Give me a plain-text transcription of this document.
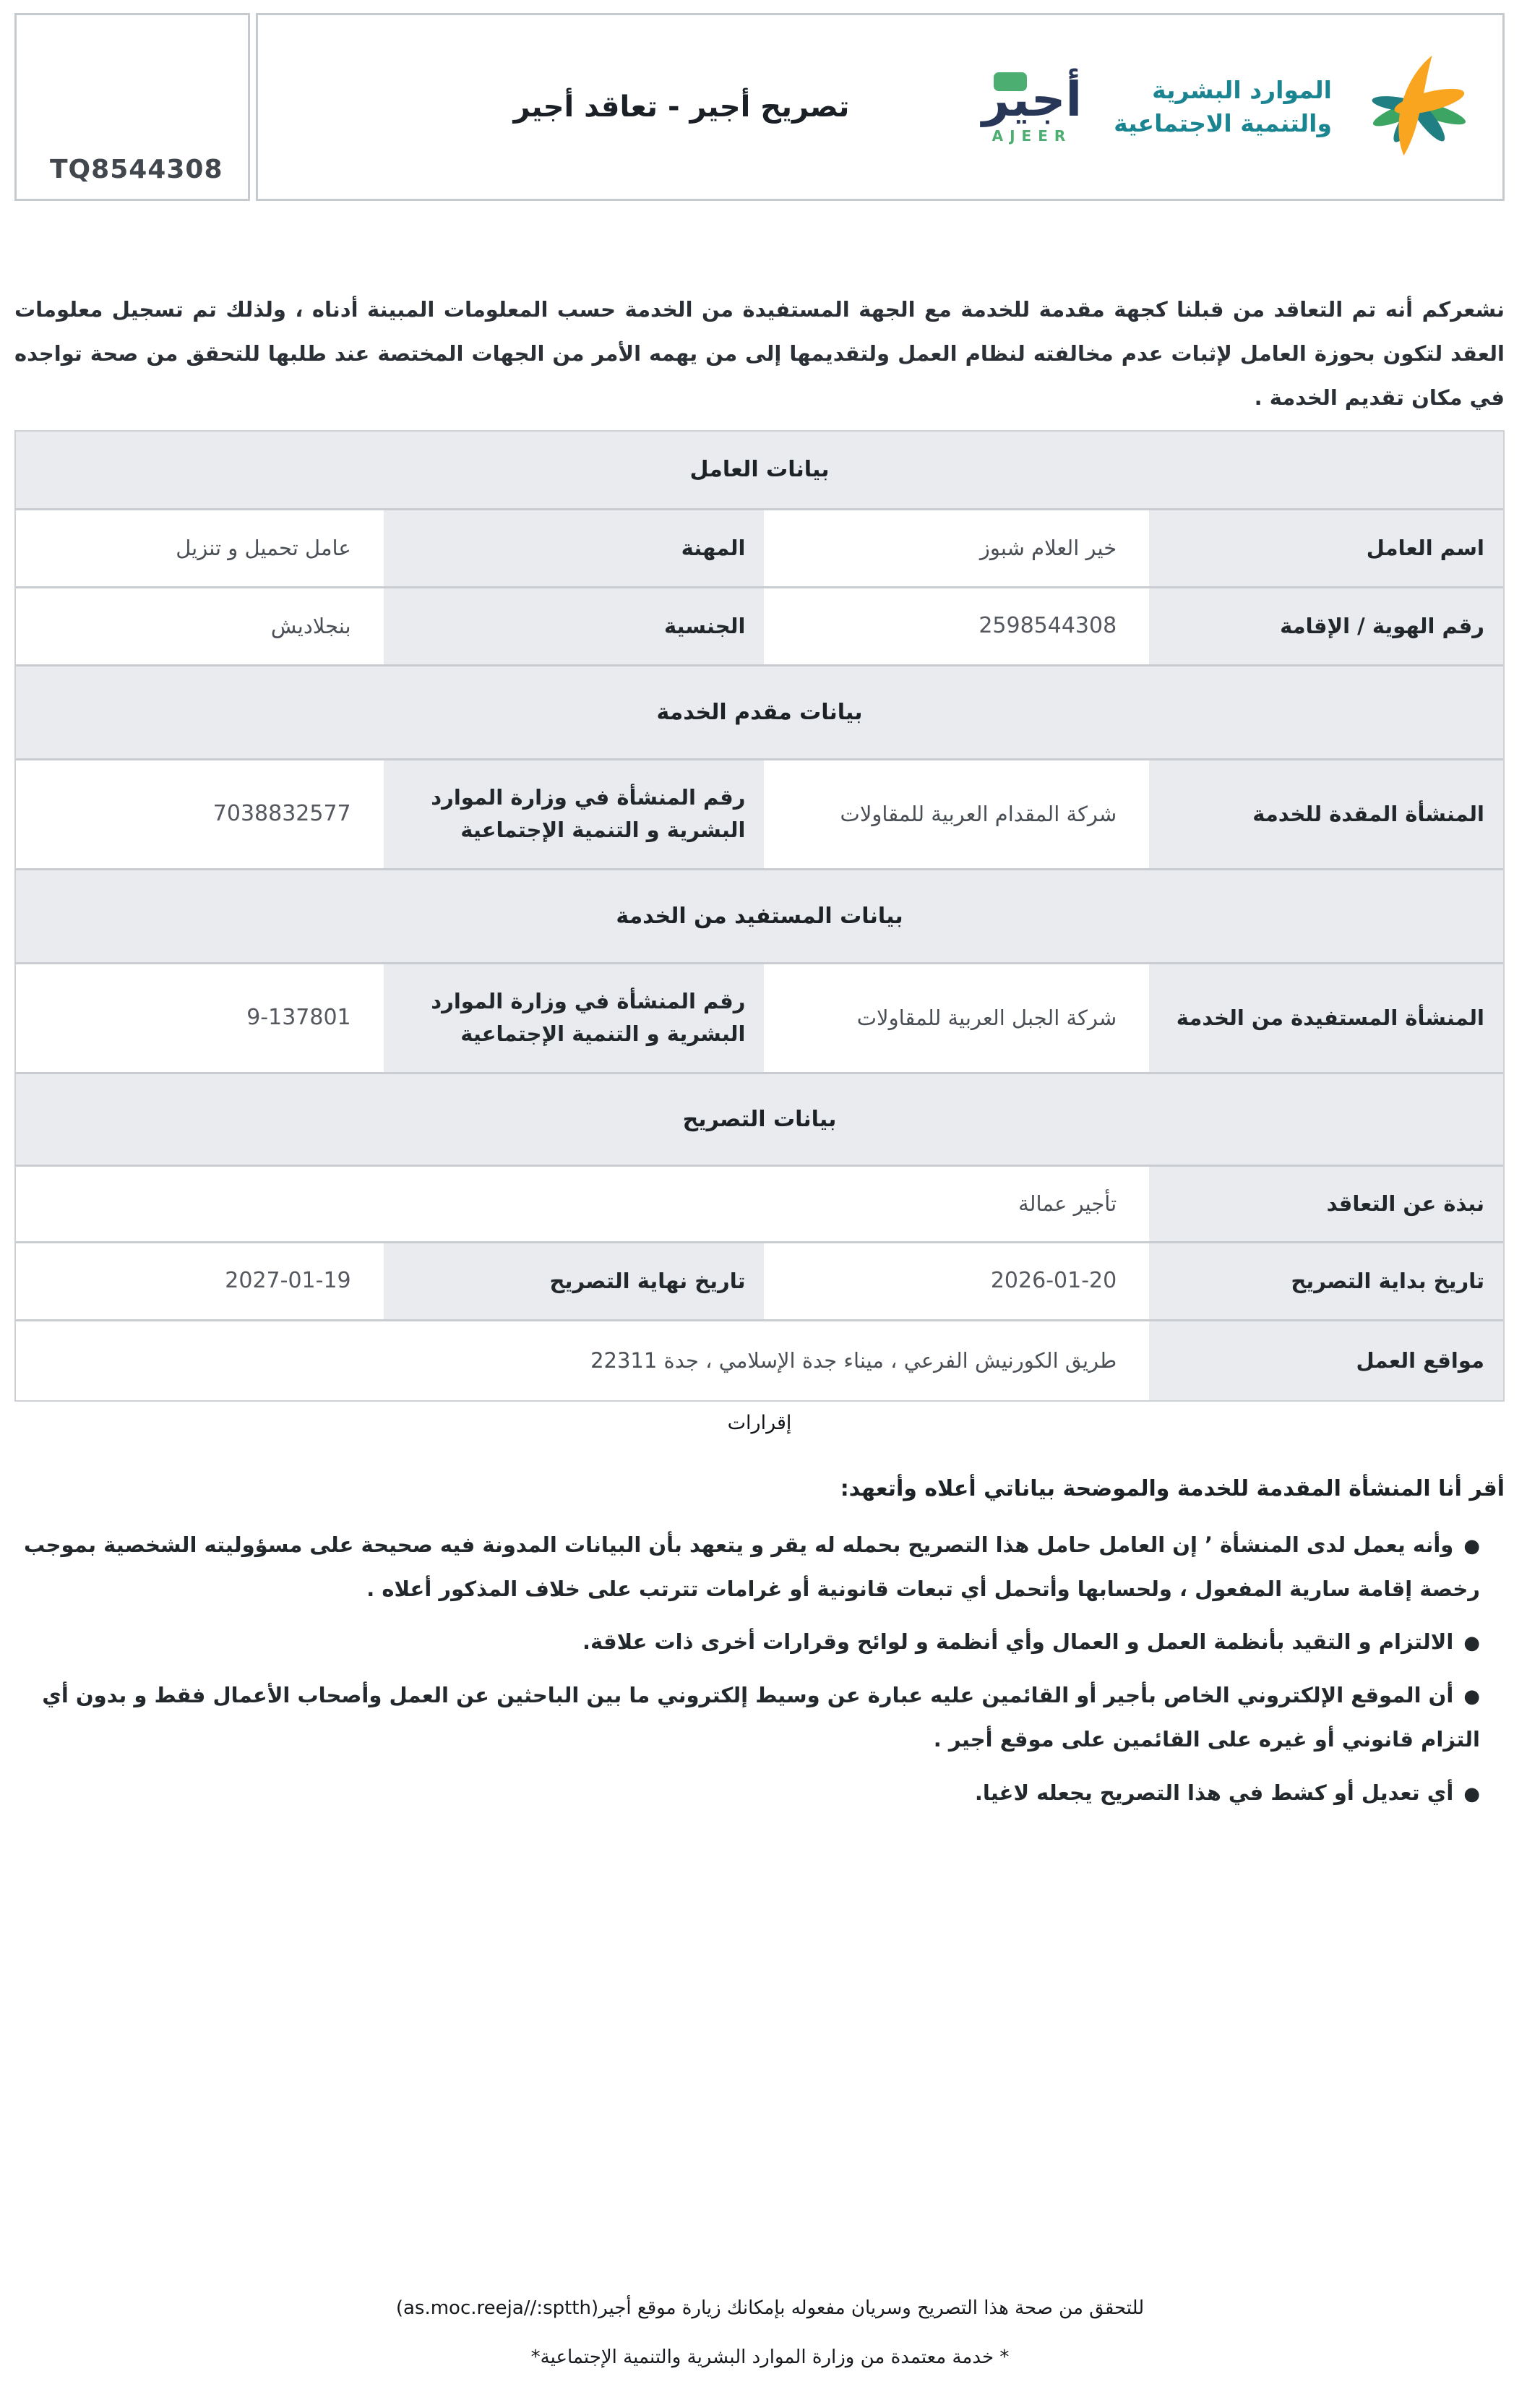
TQ8544308
تصريح أجير - تعاقد أجير	أجير
AJEER
الموارد البشرية
والتنمية الاجتماعية

نشعركم أنه تم التعاقد من قبلنا كجهة مقدمة للخدمة مع الجهة المستفيدة من الخدمة حسب المعلومات المبينة أدناه ، ولذلك تم تسجيل معلومات العقد لتكون بحوزة العامل لإثبات عدم مخالفته لنظام العمل ولتقديمها إلى من يهمه الأمر من الجهات المختصة عند طلبها للتحقق من صحة تواجده في مكان تقديم الخدمة .

بيانات العامل
اسم العامل
خير العلام شبوز
المهنة
عامل تحميل و تنزيل
رقم الهوية / الإقامة
2598544308
الجنسية
بنجلاديش
بيانات مقدم الخدمة
المنشأة المقدة للخدمة
شركة المقدام العربية للمقاولات
رقم المنشأة في وزارة الموارد البشرية و التنمية الإجتماعية
7038832577
بيانات المستفيد من الخدمة
المنشأة المستفيدة من الخدمة
شركة الجبل العربية للمقاولات
رقم المنشأة في وزارة الموارد البشرية و التنمية الإجتماعية
9-137801
بيانات التصريح
نبذة عن التعاقد
تأجير عمالة
تاريخ بداية التصريح
2026-01-20
تاريخ نهاية التصريح
2027-01-19
مواقع العمل
طريق الكورنيش الفرعي ، ميناء جدة الإسلامي ، جدة 22311
إقرارات
أقر أنا المنشأة المقدمة للخدمة والموضحة بياناتي أعلاه وأتعهد:
●وأنه يعمل لدى المنشأة ’ إن العامل حامل هذا التصريح بحمله له يقر و يتعهد بأن البيانات المدونة فيه صحيحة على مسؤوليته الشخصية بموجب رخصة إقامة سارية المفعول ، ولحسابها وأتحمل أي تبعات قانونية أو غرامات تترتب على خلاف المذكور أعلاه .
●الالتزام و التقيد بأنظمة العمل و العمال وأي أنظمة و لوائح وقرارات أخرى ذات علاقة.
●أن الموقع الإلكتروني الخاص بأجير أو القائمين عليه عبارة عن وسيط إلكتروني ما بين الباحثين عن العمل وأصحاب الأعمال فقط و بدون أي التزام قانوني أو غيره على القائمين على موقع أجير .
●أي تعديل أو كشط في هذا التصريح يجعله لاغيا.
للتحقق من صحة هذا التصريح وسريان مفعوله بإمكانك زيارة موقع أجير(as.moc.reeja//:sptth)
* خدمة معتمدة من وزارة الموارد البشرية والتنمية الإجتماعية*
